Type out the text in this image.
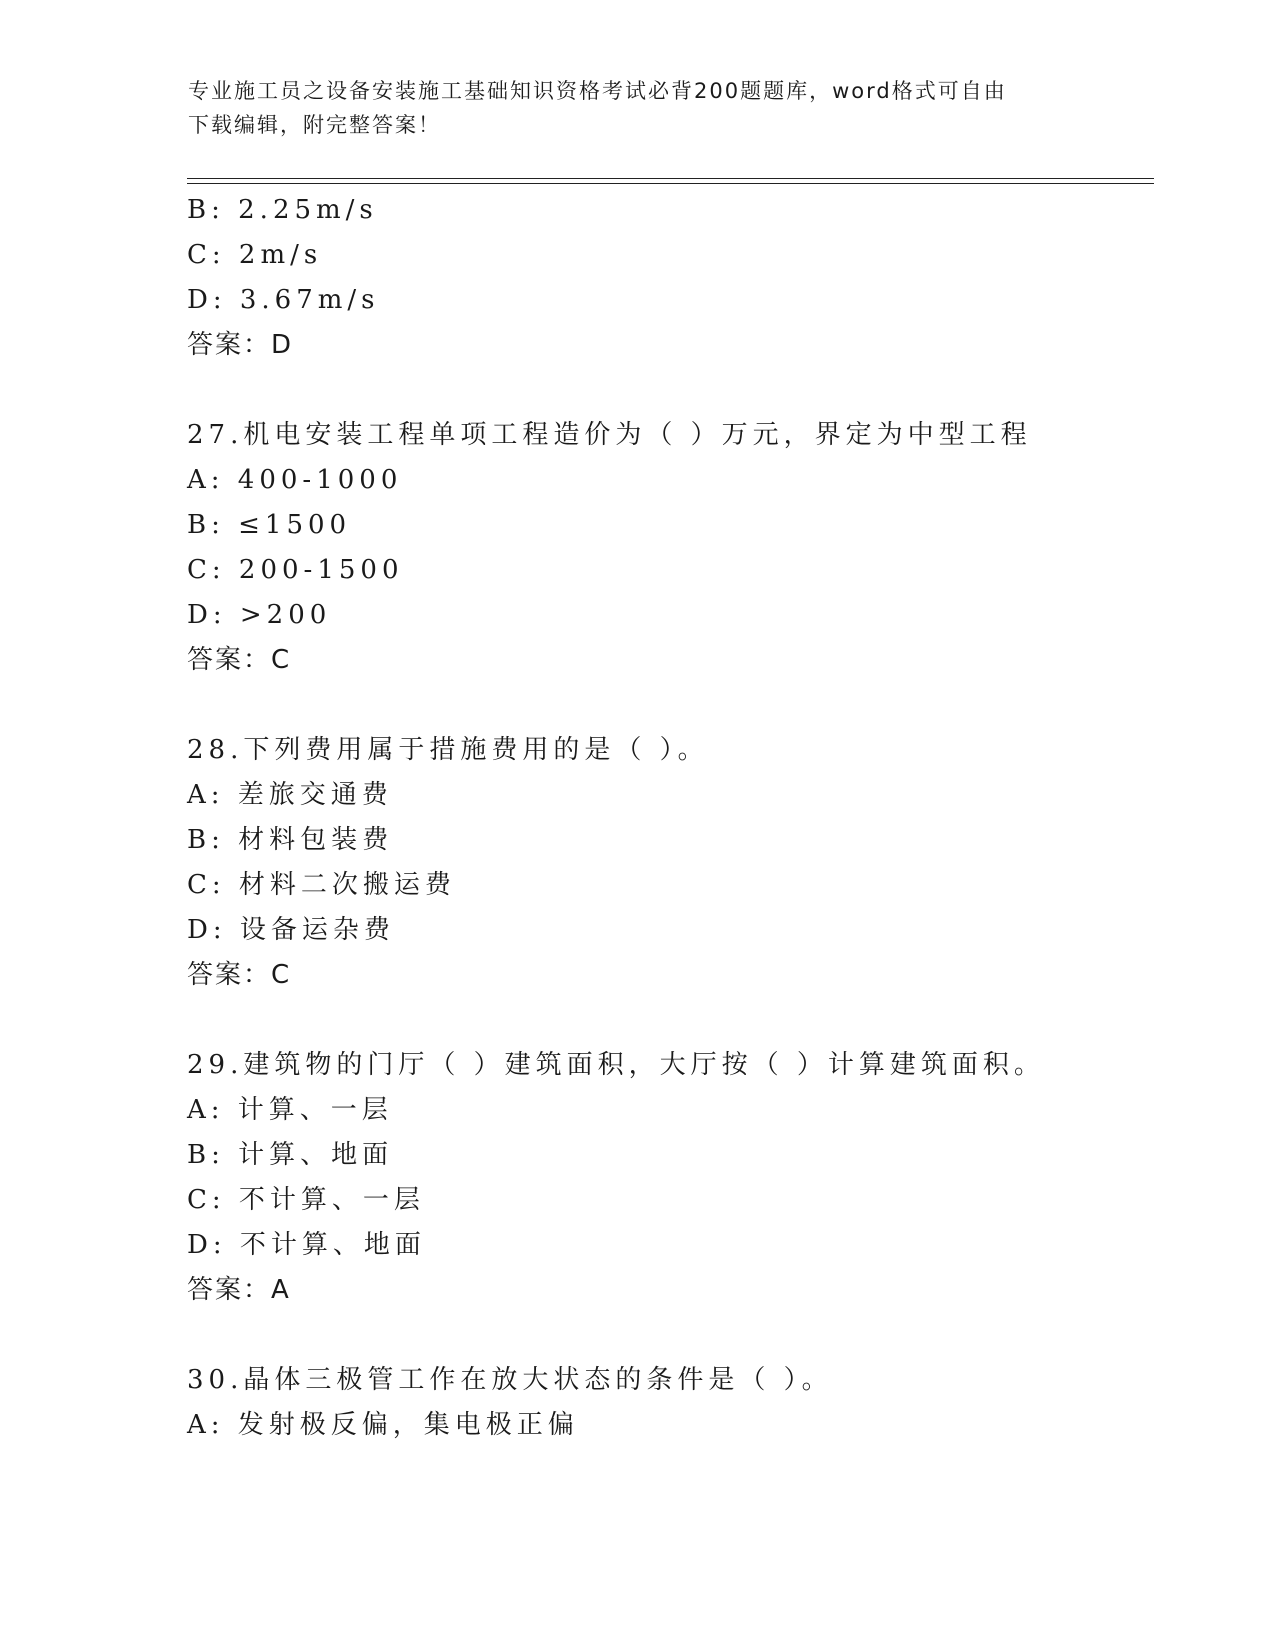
专业施工员之设备安装施工基础知识资格考试必背200题题库，word格式可自由
下载编辑，附完整答案！
B: 2.25m/s
C: 2m/s
D: 3.67m/s
答案：D
27.机电安装工程单项工程造价为（ ）万元，界定为中型工程
A: 400-1000
B: ≤1500
C: 200-1500
D: >200
答案：C
28.下列费用属于措施费用的是（ ）。
A: 差旅交通费
B: 材料包装费
C: 材料二次搬运费
D: 设备运杂费
答案：C
29.建筑物的门厅（ ）建筑面积，大厅按（ ）计算建筑面积。
A: 计算、一层
B: 计算、地面
C: 不计算、一层
D: 不计算、地面
答案：A
30.晶体三极管工作在放大状态的条件是（ ）。
A: 发射极反偏，集电极正偏
